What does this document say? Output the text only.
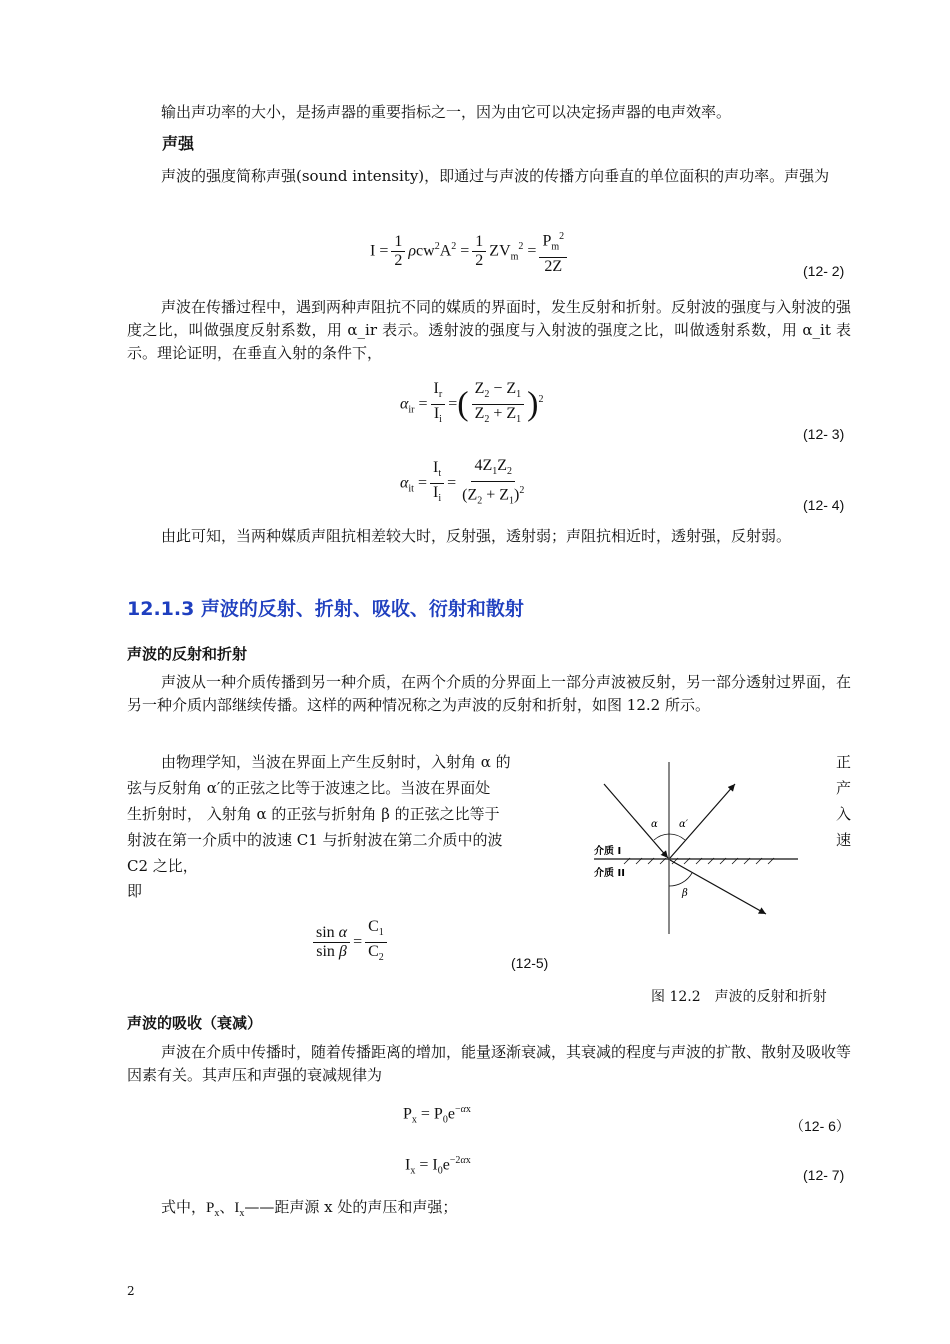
输出声功率的大小，是扬声器的重要指标之一，因为由它可以决定扬声器的电声效率。
声强
声波的强度简称声强(sound intensity)，即通过与声波的传播方向垂直的单位面积的声功率。声强为
$I = \frac{1}{2} \rho cw^2A^2 = \frac{1}{2} ZV_m^2 = \frac{P_m^2}{2Z}$	(12- 2)
声波在传播过程中，遇到两种声阻抗不同的媒质的界面时，发生反射和折射。反射波的强度与入射波的强度之比，叫做强度反射系数，用 α_ir 表示。透射波的强度与入射波的强度之比，叫做透射系数，用 α_it 表示。理论证明，在垂直入射的条件下，
$\alpha_{ir} = \frac{I_r}{I_i}$ =( $\frac{Z_2 - Z_1}{Z_2 + Z_1} )^2$
(12- 3)
$\alpha_{it} = \frac{I_t}{I_i} = \frac{4Z_1Z_2}{(Z_2 + Z_1)^2}$	(12- 4)
由此可知，当两种媒质声阻抗相差较大时，反射强，透射弱；声阻抗相近时，透射强，反射弱。
12.1.3 声波的反射、折射、吸收、衍射和散射
声波的反射和折射
声波从一种介质传播到另一种介质，在两个介质的分界面上一部分声波被反射，另一部分透射过界面，在另一种介质内部继续传播。这样的两种情况称之为声波的反射和折射，如图 12.2 所示。
由物理学知，当波在界面上产生反射时，入射角 α 的
弦与反射角 α′的正弦之比等于波速之比。当波在界面处
生折射时， 入射角 α 的正弦与折射角 β 的正弦之比等于
射波在第一介质中的波速 C1 与折射波在第二介质中的波
C2 之比，
正
产
入
速
即
$\frac{\text{sin α}}{\text{sin β}} = \frac{C_1}{C_2}$	(12-5)
α α′
β
介质 I
介质 II
图 12.2　声波的反射和折射
声波的吸收（衰减）
声波在介质中传播时，随着传播距离的增加，能量逐渐衰减，其衰减的程度与声波的扩散、散射及吸收等因素有关。其声压和声强的衰减规律为
$P_x = P_0e^{-\alpha x}$
（12- 6）
$I_x = I_0e^{-2\alpha x}$
(12- 7)
式中，$P_x$、$I_x——$距声源 x 处的声压和声强；
2
